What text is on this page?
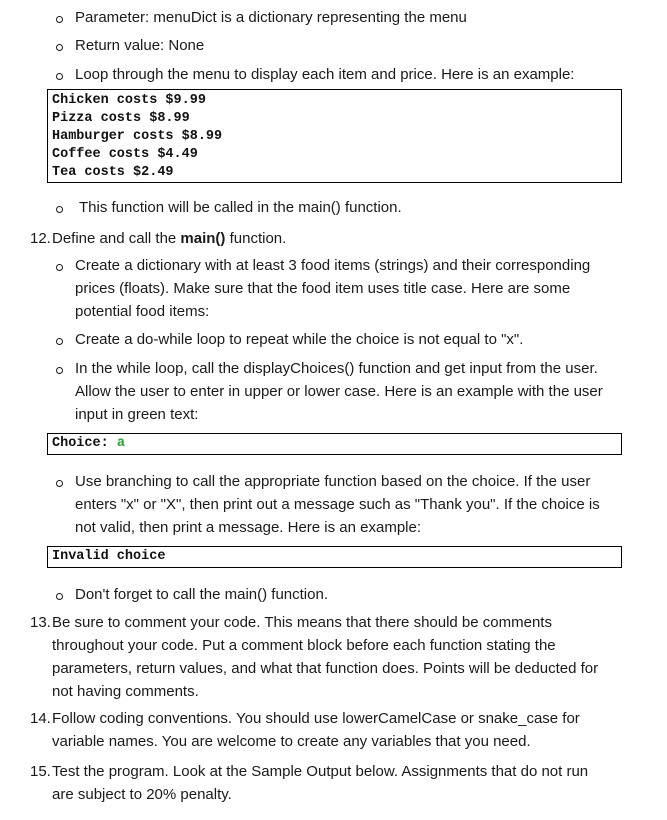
Parameter: menuDict is a dictionary representing the menu
Return value: None
Loop through the menu to display each item and price. Here is an example:
Chicken costs $9.99
Pizza costs $8.99
Hamburger costs $8.99
Coffee costs $4.49
Tea costs $2.49
This function will be called in the main() function.
12. Define and call the main() function.
Create a dictionary with at least 3 food items (strings) and their corresponding
prices (floats). Make sure that the food item uses title case. Here are some
potential food items:
Create a do-while loop to repeat while the choice is not equal to "x".
In the while loop, call the displayChoices() function and get input from the user.
Allow the user to enter in upper or lower case. Here is an example with the user
input in green text:
Choice: a
Use branching to call the appropriate function based on the choice. If the user
enters "x" or "X", then print out a message such as "Thank you". If the choice is
not valid, then print a message. Here is an example:
Invalid choice
Don't forget to call the main() function.
13. Be sure to comment your code. This means that there should be comments
throughout your code. Put a comment block before each function stating the
parameters, return values, and what that function does. Points will be deducted for
not having comments.
14. Follow coding conventions. You should use lowerCamelCase or snake_case for
variable names. You are welcome to create any variables that you need.
15. Test the program. Look at the Sample Output below. Assignments that do not run
are subject to 20% penalty.
